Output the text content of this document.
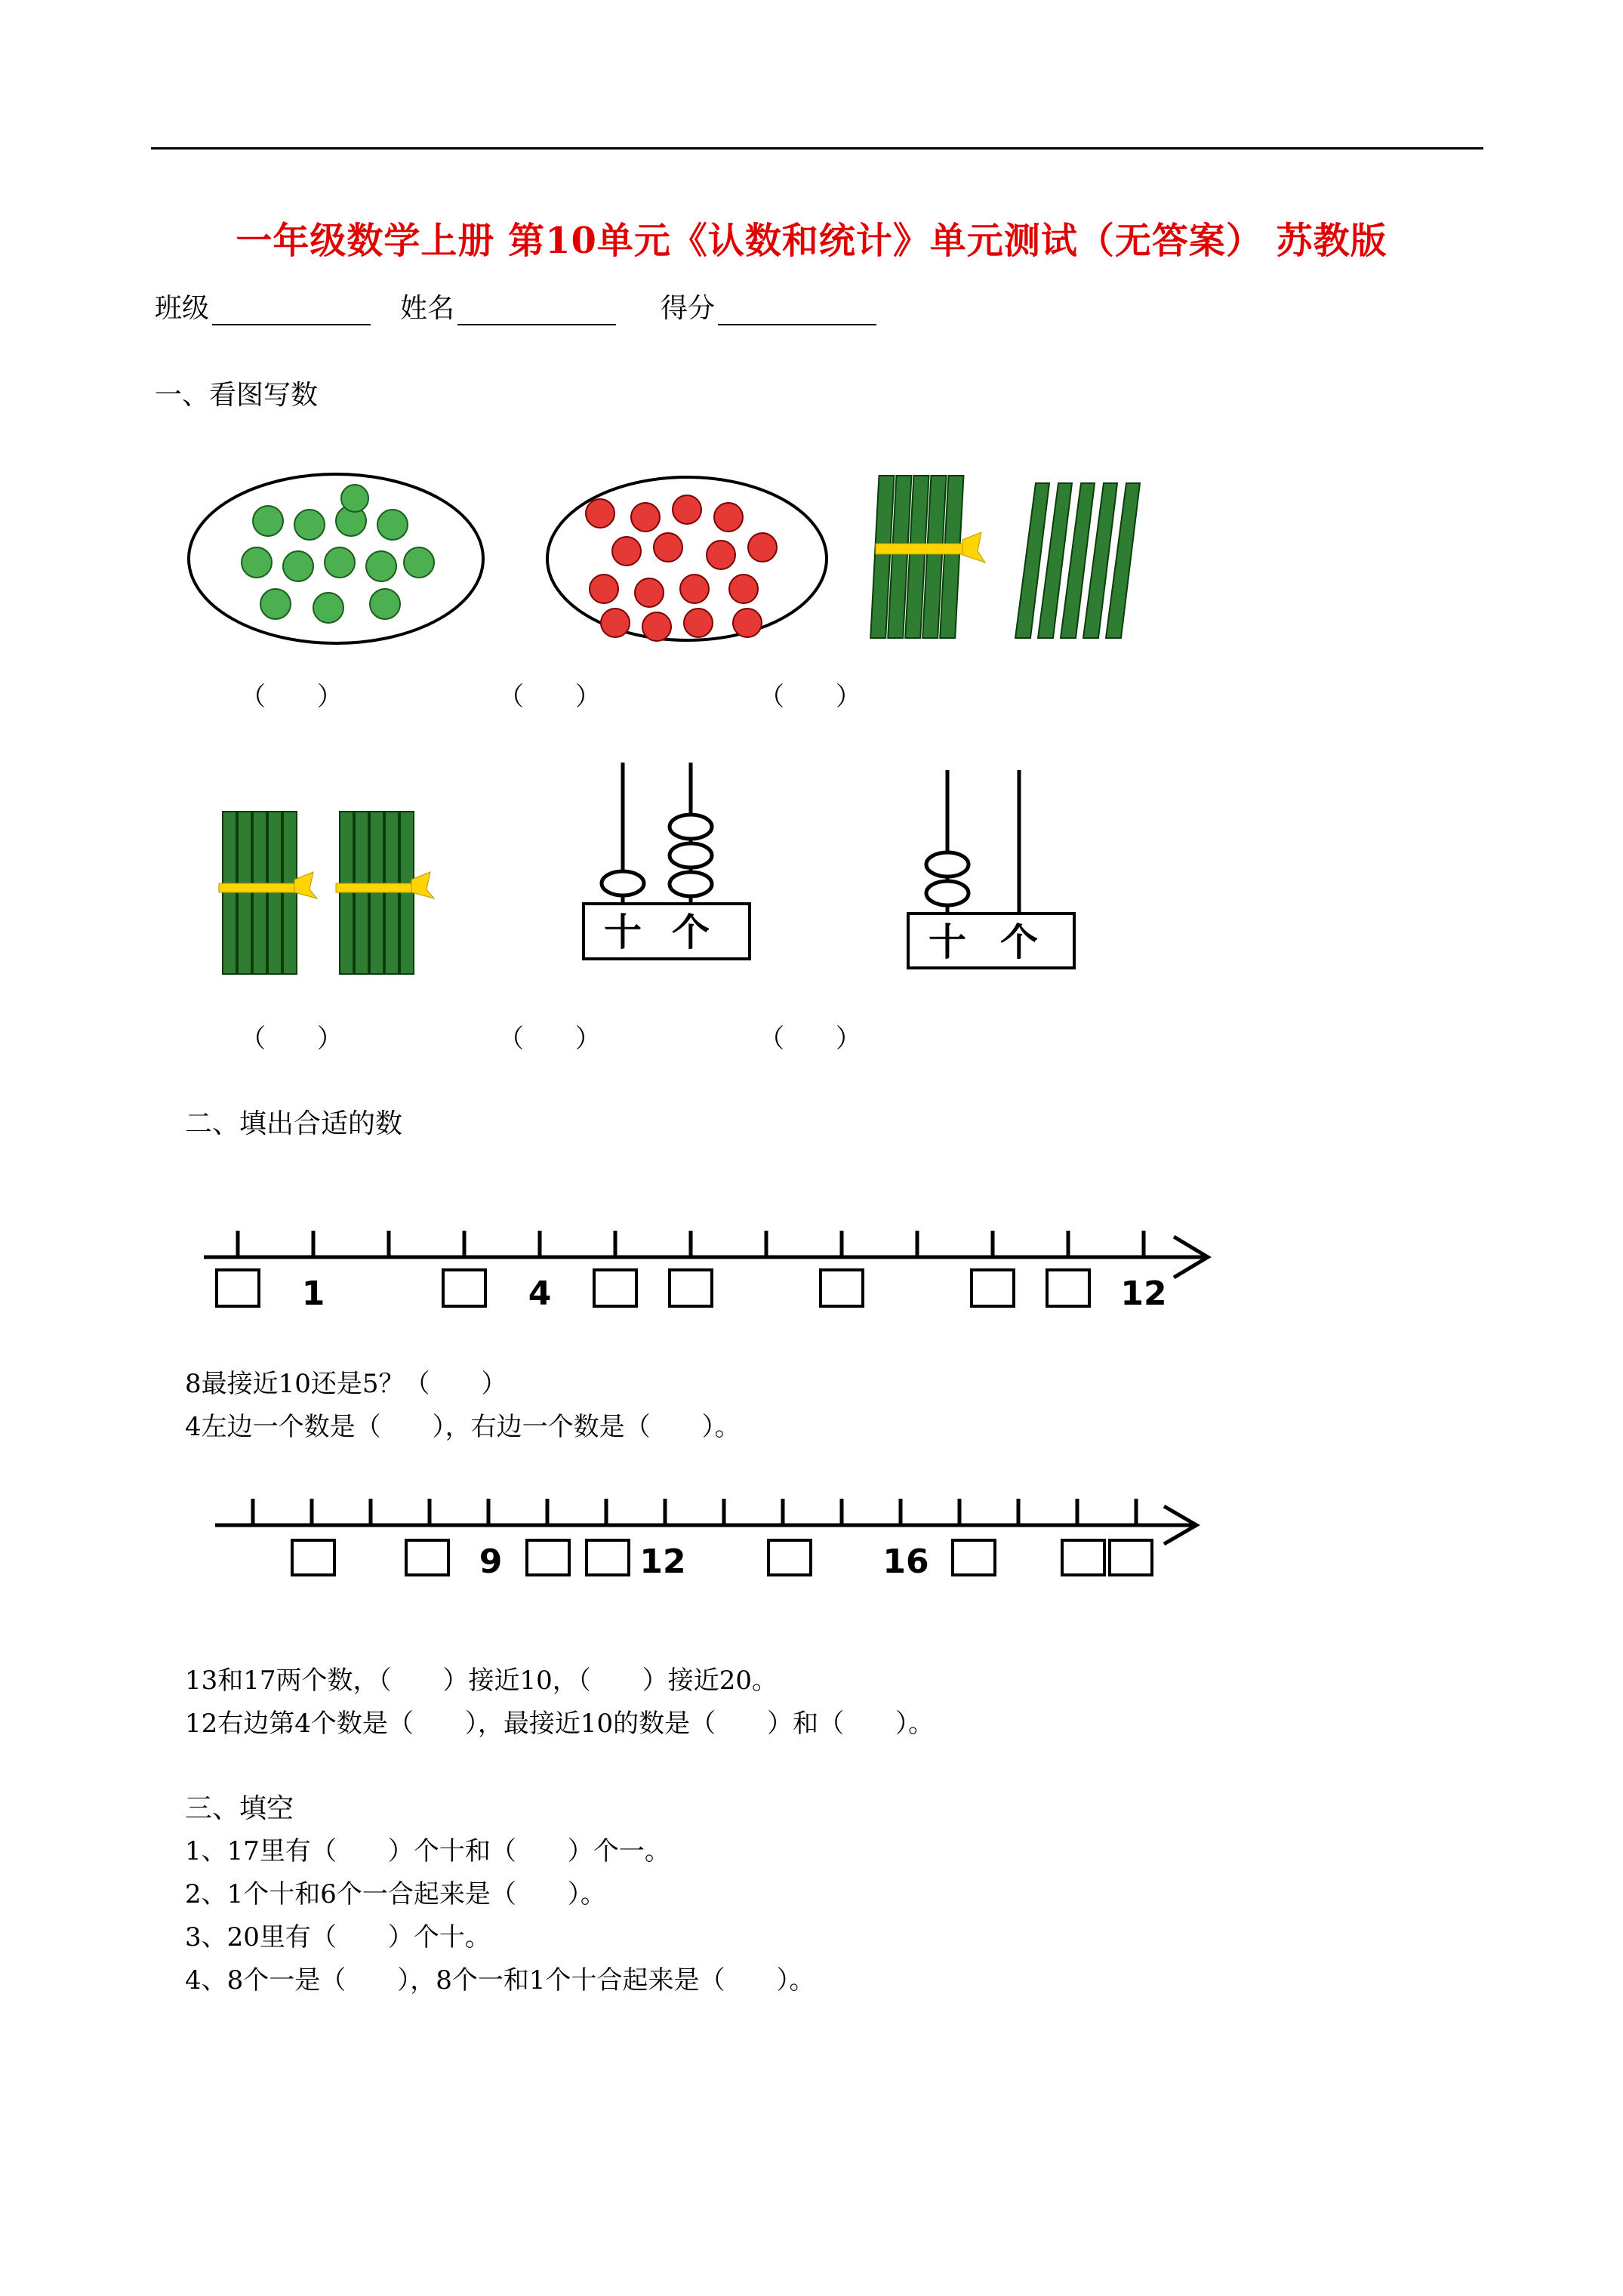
一年级数学上册 第10单元《认数和统计》单元测试（无答案） 苏教版
班级	姓名	得分
一、看图写数
（　　）	（　　）	（　　）
十 个	十 个
（　　）	（　　）	（　　）
二、填出合适的数
1	4	12
8最接近10还是5？（　　）
4左边一个数是（　　），右边一个数是（　　）。
9	12	16
13和17两个数，（　　）接近10，（　　）接近20。
12右边第4个数是（　　），最接近10的数是（　　）和（　　）。
三、填空
1、17里有（　　）个十和（　　）个一。
2、1个十和6个一合起来是（　　）。
3、20里有（　　）个十。
4、8个一是（　　），8个一和1个十合起来是（　　）。
